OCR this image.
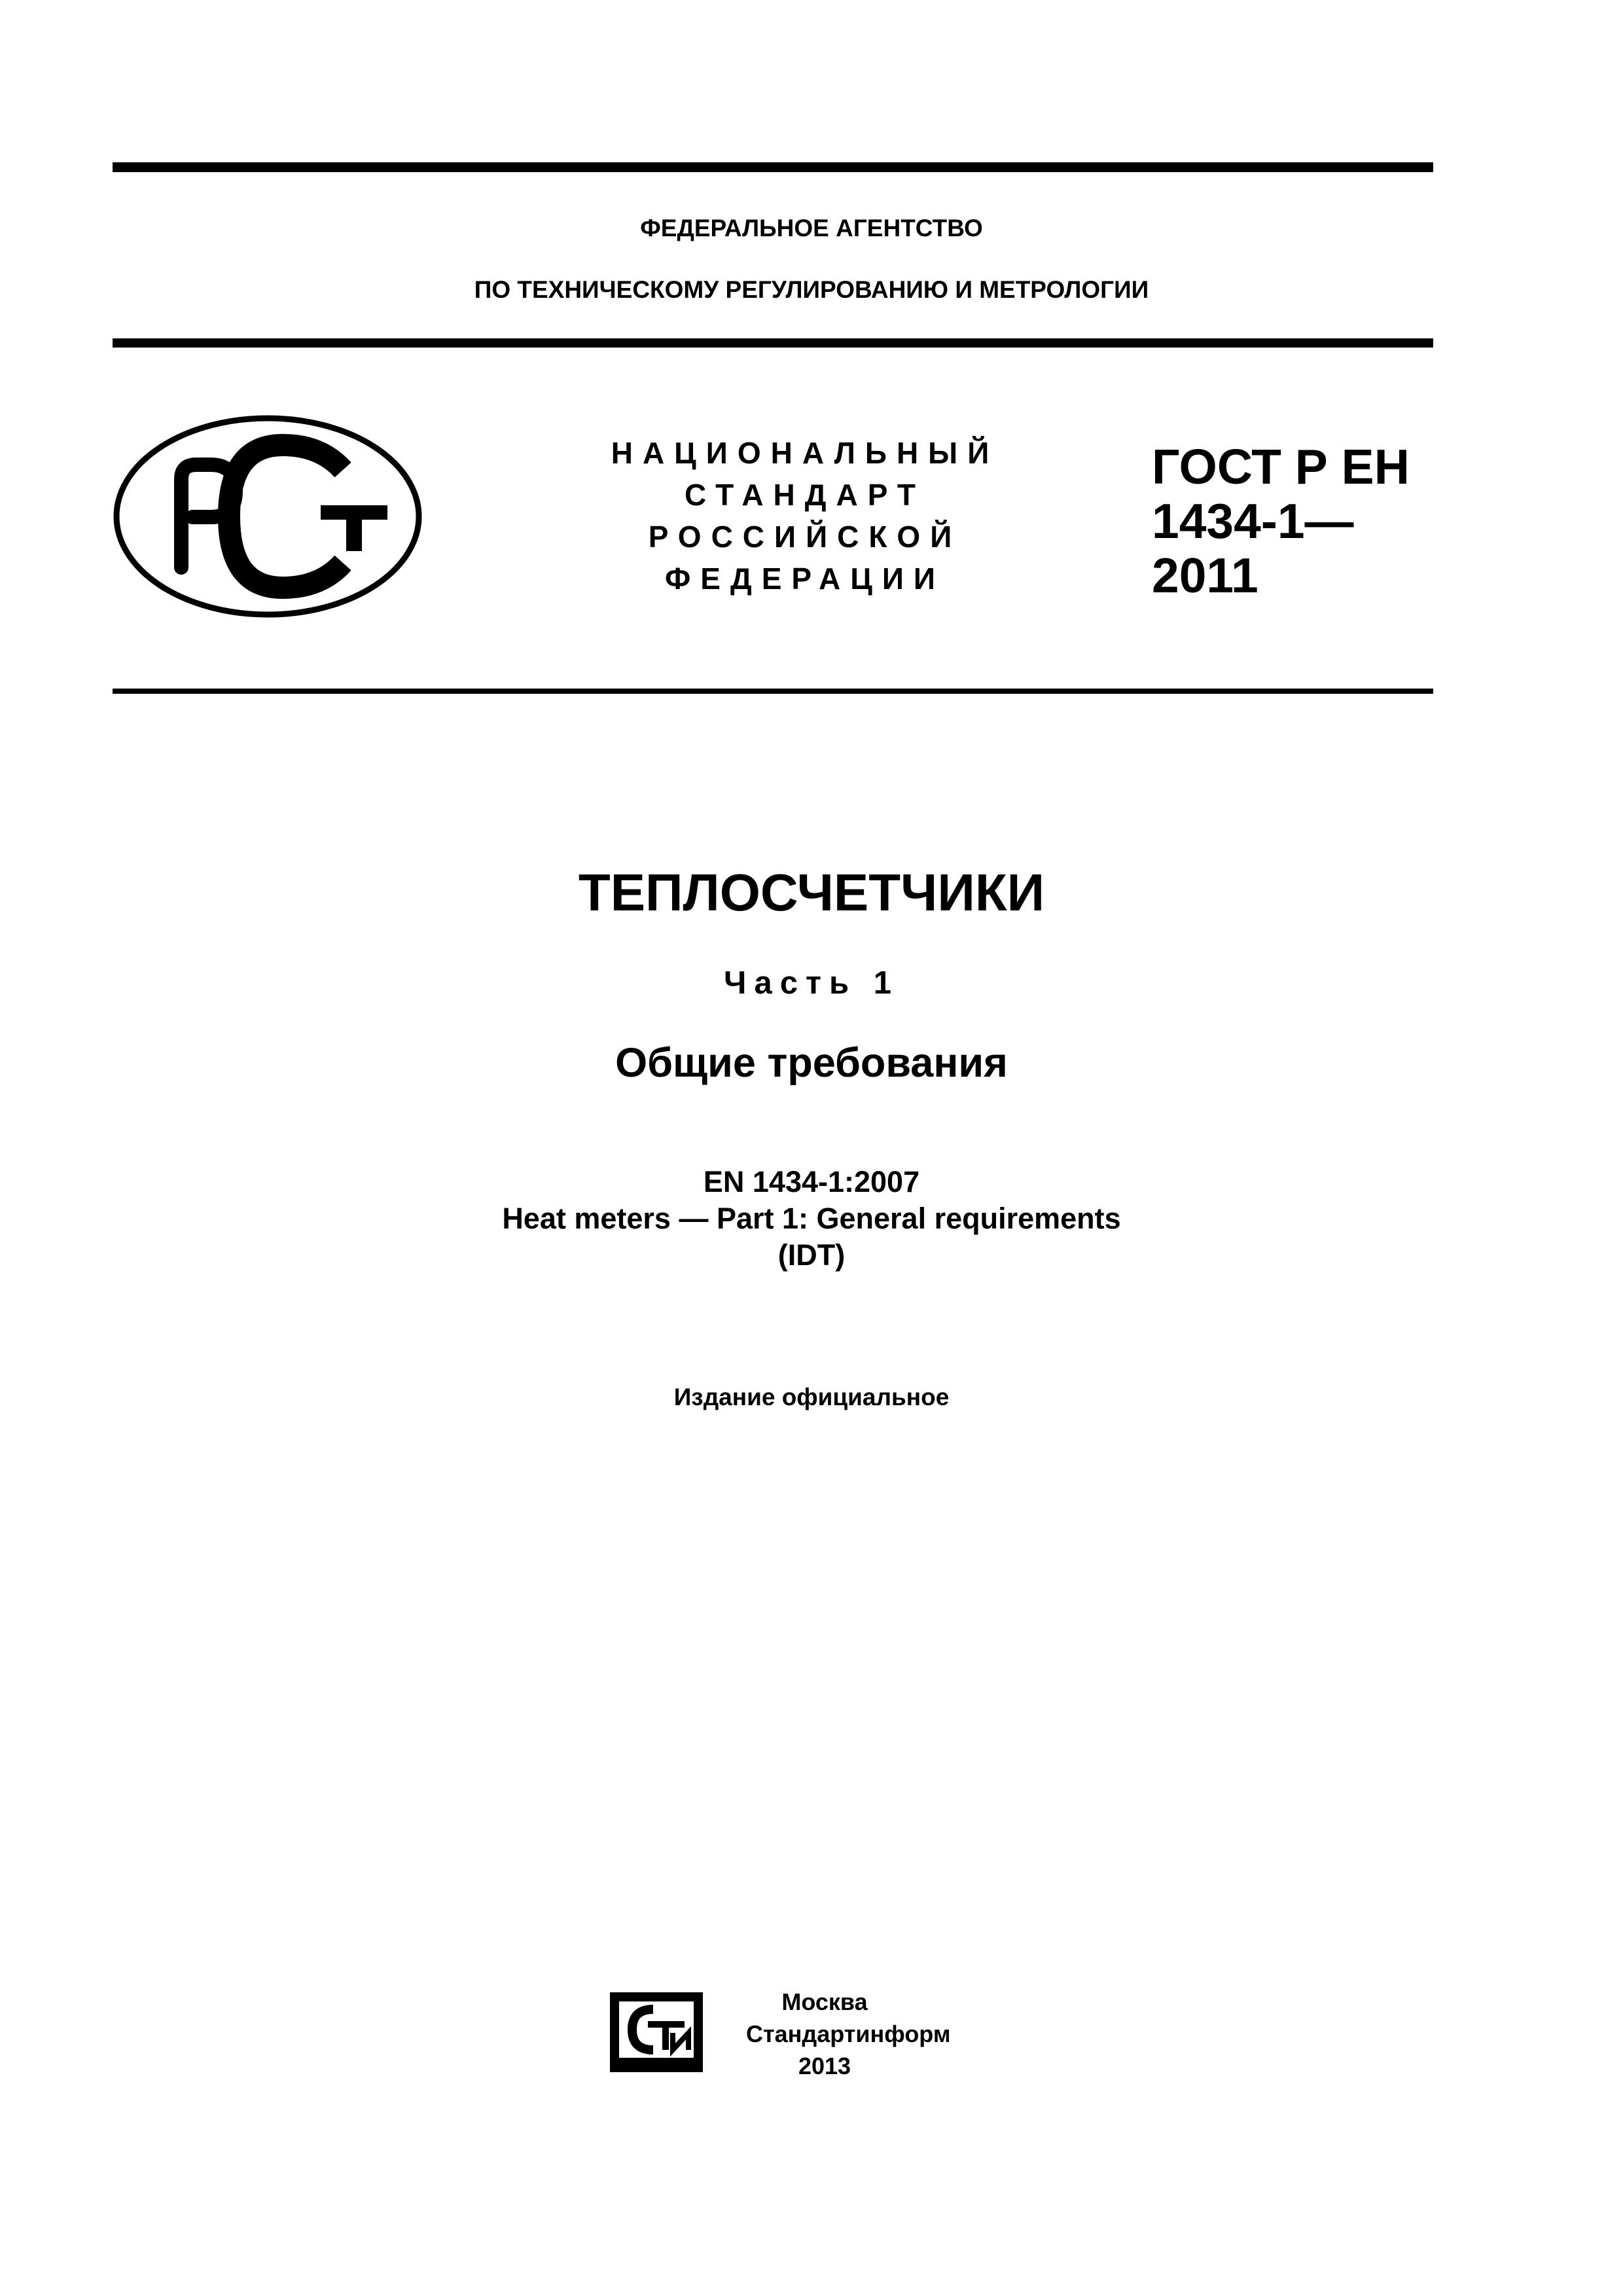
ФЕДЕРАЛЬНОЕ АГЕНТСТВО
ПО ТЕХНИЧЕСКОМУ РЕГУЛИРОВАНИЮ И МЕТРОЛОГИИ
НАЦИОНАЛЬНЫЙ
СТАНДАРТ
РОССИЙСКОЙ
ФЕДЕРАЦИИ
ГОСТ Р ЕН
1434-1—
2011
ТЕПЛОСЧЕТЧИКИ
Часть 1
Общие требования
EN 1434-1:2007
Heat meters — Part 1: General requirements
(IDT)
Издание официальное
Москва
Стандартинформ
2013
